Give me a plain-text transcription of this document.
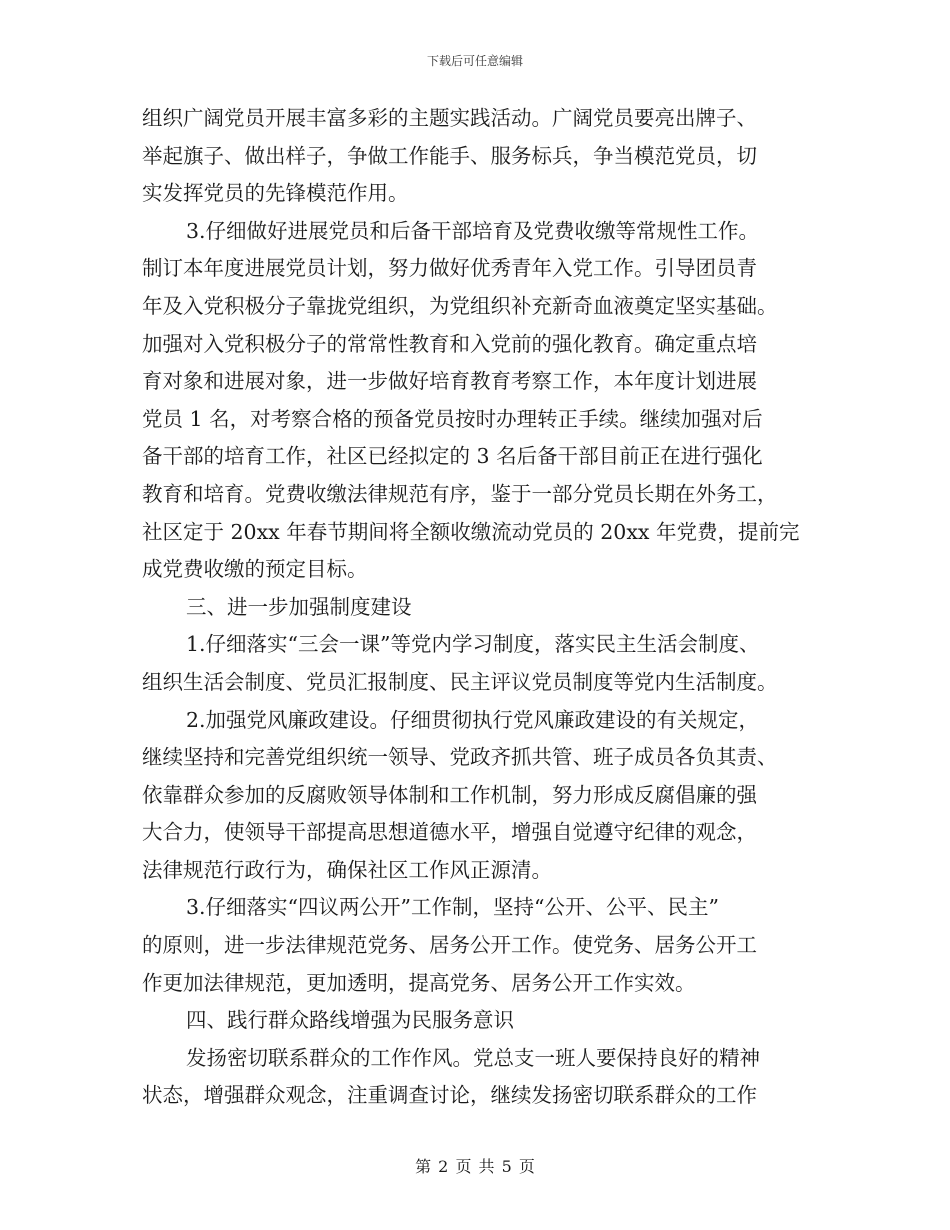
下载后可任意编辑
组织广阔党员开展丰富多彩的主题实践活动。广阔党员要亮出牌子、
举起旗子、做出样子，争做工作能手、服务标兵，争当模范党员，切
实发挥党员的先锋模范作用。
3.仔细做好进展党员和后备干部培育及党费收缴等常规性工作。
制订本年度进展党员计划，努力做好优秀青年入党工作。引导团员青
年及入党积极分子靠拢党组织，为党组织补充新奇血液奠定坚实基础。
加强对入党积极分子的常常性教育和入党前的强化教育。确定重点培
育对象和进展对象，进一步做好培育教育考察工作，本年度计划进展
党员 1 名，对考察合格的预备党员按时办理转正手续。继续加强对后
备干部的培育工作，社区已经拟定的 3 名后备干部目前正在进行强化
教育和培育。党费收缴法律规范有序，鉴于一部分党员长期在外务工，
社区定于 20xx 年春节期间将全额收缴流动党员的 20xx 年党费，提前完
成党费收缴的预定目标。
三、进一步加强制度建设
1.仔细落实“三会一课”等党内学习制度，落实民主生活会制度、
组织生活会制度、党员汇报制度、民主评议党员制度等党内生活制度。
2.加强党风廉政建设。仔细贯彻执行党风廉政建设的有关规定，
继续坚持和完善党组织统一领导、党政齐抓共管、班子成员各负其责、
依靠群众参加的反腐败领导体制和工作机制，努力形成反腐倡廉的强
大合力，使领导干部提高思想道德水平，增强自觉遵守纪律的观念，
法律规范行政行为，确保社区工作风正源清。
3.仔细落实“四议两公开”工作制，坚持“公开、公平、民主”
的原则，进一步法律规范党务、居务公开工作。使党务、居务公开工
作更加法律规范，更加透明，提高党务、居务公开工作实效。
四、践行群众路线增强为民服务意识
发扬密切联系群众的工作作风。党总支一班人要保持良好的精神
状态，增强群众观念，注重调查讨论，继续发扬密切联系群众的工作
第 2 页 共 5 页
